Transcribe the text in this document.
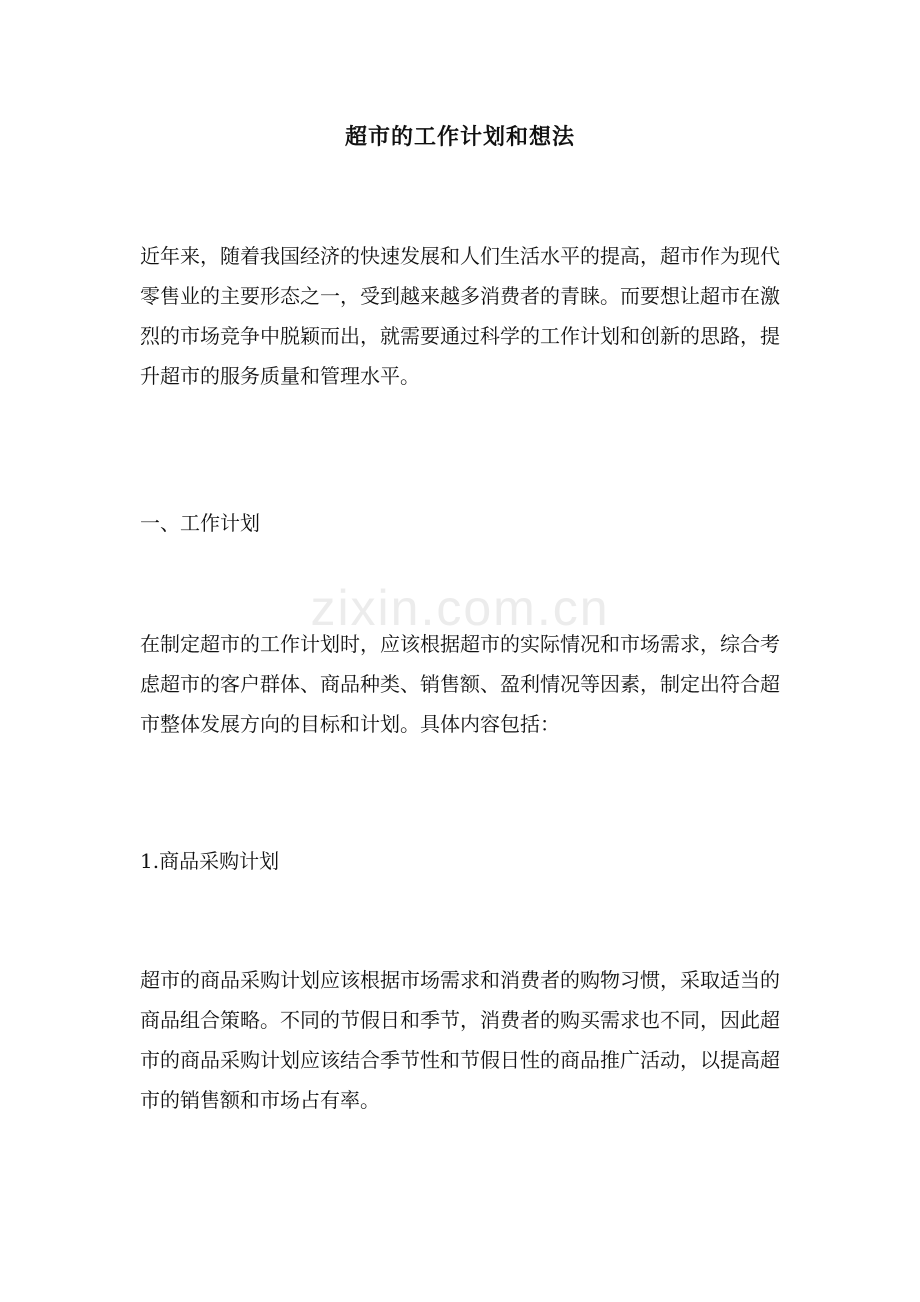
zixin.com.cn
超市的工作计划和想法
近年来，随着我国经济的快速发展和人们生活水平的提高，超市作为现代零售业的主要形态之一，受到越来越多消费者的青睐。而要想让超市在激烈的市场竞争中脱颖而出，就需要通过科学的工作计划和创新的思路，提升超市的服务质量和管理水平。
一、工作计划
在制定超市的工作计划时，应该根据超市的实际情况和市场需求，综合考虑超市的客户群体、商品种类、销售额、盈利情况等因素，制定出符合超市整体发展方向的目标和计划。具体内容包括：
1.商品采购计划
超市的商品采购计划应该根据市场需求和消费者的购物习惯，采取适当的商品组合策略。不同的节假日和季节，消费者的购买需求也不同，因此超市的商品采购计划应该结合季节性和节假日性的商品推广活动，以提高超市的销售额和市场占有率。
